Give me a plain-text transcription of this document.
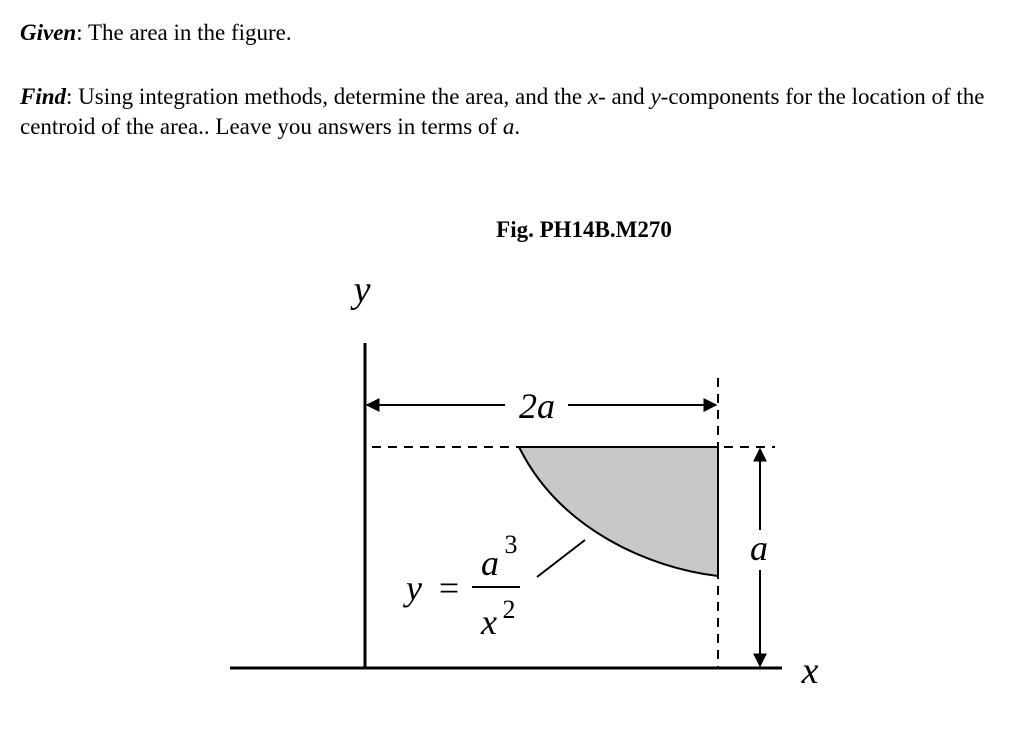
Given: The area in the figure.

Find: Using integration methods, determine the area, and the x- and y-components for the location of the centroid of the area.. Leave you answers in terms of a.

Fig. PH14B.M270

2a
a
y
x
y =
a 3
x 2
